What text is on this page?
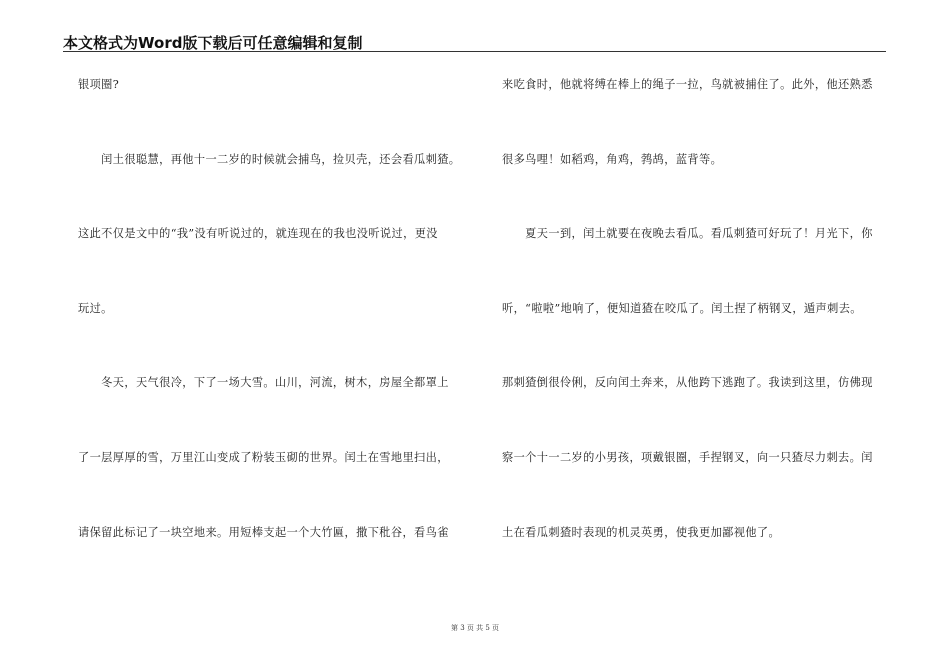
本文格式为Word版下载后可任意编辑和复制
银项圈?
　　闰土很聪慧，再他十一二岁的时候就会捕鸟，捡贝壳，还会看瓜刺猹。
这此不仅是文中的“我”没有听说过的，就连现在的我也没听说过，更没
玩过。
　　冬天，天气很冷，下了一场大雪。山川，河流，树木，房屋全都罩上
了一层厚厚的雪，万里江山变成了粉装玉砌的世界。闰土在雪地里扫出，
请保留此标记了一块空地来。用短棒支起一个大竹匾，撒下秕谷，看鸟雀
来吃食时，他就将缚在棒上的绳子一拉，鸟就被捕住了。此外，他还熟悉
很多鸟哩！如稻鸡，角鸡，鹁鸪，蓝背等。
　　夏天一到，闰土就要在夜晚去看瓜。看瓜刺猹可好玩了！月光下，你
听，“啦啦”地响了，便知道猹在咬瓜了。闰土捏了柄钢叉，遁声刺去。
那刺猹倒很伶俐，反向闰土奔来，从他跨下逃跑了。我读到这里，仿佛现
察一个十一二岁的小男孩，项戴银圈，手捏钢叉，向一只猹尽力刺去。闰
土在看瓜刺猹时表现的机灵英勇，使我更加鄙视他了。
第 3 页 共 5 页
